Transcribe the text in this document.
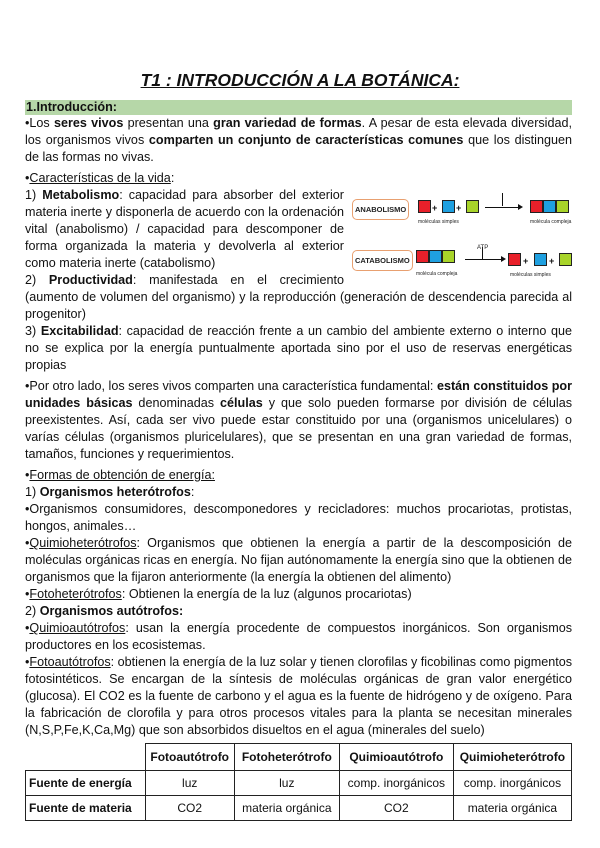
T1 : INTRODUCCIÓN A LA BOTÁNICA:
1.Introducción:

•Los seres vivos presentan una gran variedad de formas. A pesar de esta elevada diversidad, los organismos vivos comparten un conjunto de características comunes que los distinguen de las formas no vivas.

•Características de la vida:

ANABOLISMO	+ +
moléculas simples	molécula compleja
CATABOLISMO
molécula compleja
ATP
+ +
moléculas simples

1) Metabolismo: capacidad para absorber del exterior materia inerte y disponerla de acuerdo con la ordenación vital (anabolismo) / capacidad para descomponer de forma organizada la materia y devolverla al exterior como materia inerte (catabolismo)

2) Productividad: manifestada en el crecimiento (aumento de volumen del organismo) y la reproducción (generación de descendencia parecida al progenitor)

3) Excitabilidad: capacidad de reacción frente a un cambio del ambiente externo o interno que no se explica por la energía puntualmente aportada sino por el uso de reservas energéticas propias

•Por otro lado, los seres vivos comparten una característica fundamental: están constituidos por unidades básicas denominadas células y que solo pueden formarse por división de células preexistentes. Así, cada ser vivo puede estar constituido por una (organismos unicelulares) o varías células (organismos pluricelulares), que se presentan en una gran variedad de formas, tamaños, funciones y requerimientos.

•Formas de obtención de energía:

1) Organismos heterótrofos:

•Organismos consumidores, descomponedores y recicladores: muchos procariotas, protistas, hongos, animales…

•Quimioheterótrofos: Organismos que obtienen la energía a partir de la descomposición de moléculas orgánicas ricas en energía. No fijan autónomamente la energía sino que la obtienen de organismos que la fijaron anteriormente (la energía la obtienen del alimento)

•Fotoheterótrofos: Obtienen la energía de la luz (algunos procariotas)

2) Organismos autótrofos:

•Quimioautótrofos: usan la energía procedente de compuestos inorgánicos. Son organismos productores en los ecosistemas.

•Fotoautótrofos: obtienen la energía de la luz solar y tienen clorofilas y ficobilinas como pigmentos fotosintéticos. Se encargan de la síntesis de moléculas orgánicas de gran valor energético (glucosa). El CO2 es la fuente de carbono y el agua es la fuente de hidrógeno y de oxígeno. Para la fabricación de clorofila y para otros procesos vitales para la planta se necesitan minerales (N,S,P,Fe,K,Ca,Mg) que son absorbidos disueltos en el agua (minerales del suelo)

	Fotoautótrofo	Fotoheterótrofo	Quimioautótrofo	Quimioheterótrofo
Fuente de energía	luz	luz	comp. inorgánicos	comp. inorgánicos
Fuente de materia	CO2	materia orgánica	CO2	materia orgánica
